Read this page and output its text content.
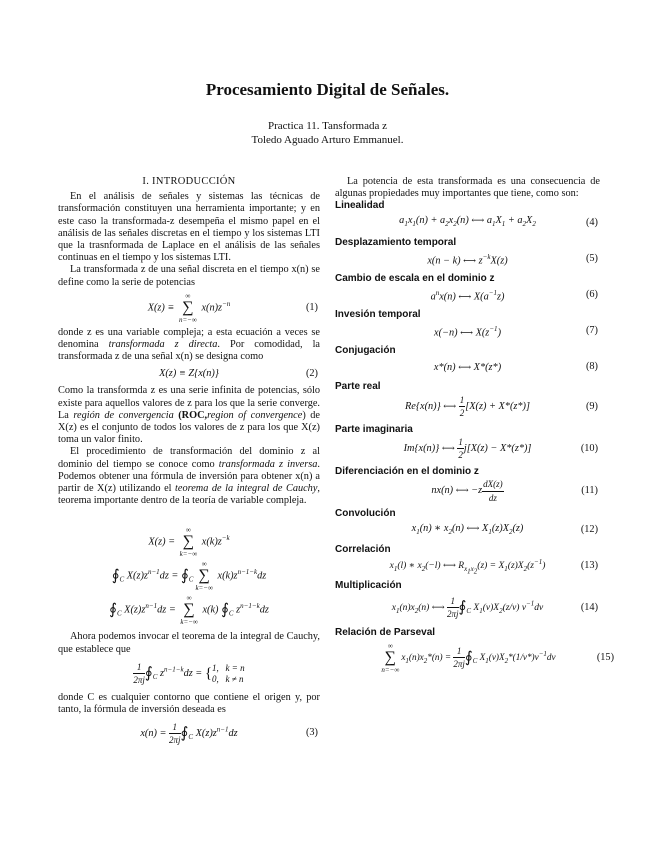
Procesamiento Digital de Señales.
Practica 11. Tansformada z
Toledo Aguado Arturo Emmanuel.
I. INTRODUCCIÓN

En el análisis de señales y sistemas las técnicas de transformación constituyen una herramienta importante; y en este caso la transformada-z desempeña el mismo papel en el análisis de las señales discretas en el tiempo y los sistemas LTI que la trasnformada de Laplace en el análisis de las señales continuas en el tiempo y los sistemas LTI.

La transformada z de una señal discreta en el tiempo x(n) se define como la serie de potencias

X(z) ≡
∞
∑
n=−∞
$x(n)z^{-n}$	(1)

donde z es una variable compleja; a esta ecuación a veces se denomina transformada z directa. Por comodidad, la transformada z de una señal x(n) se designa como

X(z) ≡ Z{x(n)}	(2)

Como la transformda z es una serie infinita de potencias, sólo existe para aquellos valores de z para los que la serie converge. La región de convergencia (ROC,region of convergence) de X(z) es el conjunto de todos los valores de z para los que X(z) toma un valor finito.

El procedimiento de transformación del dominio z al dominio del tiempo se conoce como transformada z inversa. Podemos obtener una fórmula de inversión para obtener x(n) a partir de X(z) utilizando el teorema de la integral de Cauchy, teorema importante dentro de la teoría de variable compleja.

X(z) =
∞
∑
k=−∞
$x(k)z^{-k}$
$∮_C$ $X(z)z^{n-1}dz$ = $∮_C$
∞
∑
k=−∞
$x(k)z^{n-1-k}dz$
$∮_C$ $X(z)z^{n-1}dz$ =
∞
∑
k=−∞
x(k) $∮_C$ $z^{n-1-k}dz$

Ahora podemos invocar el teorema de la integral de Cauchy, que establece que

$\frac{1}{2\pi j}$ $∮_C$ $z^{n-1-k}dz$ = { 1,   k = n
0,   k ≠ n

donde C es cualquier contorno que contiene el origen y, por tanto, la fórmula de inversión deseada es

$x(n) = \frac{1}{2\pi j}$ $∮_C$ $X(z)z^{n-1}dz$	(3)

La potencia de esta transformada es una consecuencia de algunas propiedades muy importantes que tiene, como son:

Linealidad
$a_1x_1(n) + a_2x_2(n)$ ⟷ $a_1X_1 + a_2X_2$	(4)
Desplazamiento temporal
x(n − k) ⟷ $z^{-k}X(z)$	(5)
Cambio de escala en el dominio z
$a^nx(n)$ ⟷ $X(a^{-1}z)$	(6)
Invesión temporal
x(−n) ⟷ $X(z^{-1})$	(7)
Conjugación
x*(n) ⟷ X*(z*)	(8)
Parte real
Re{x(n)} ⟷ $\frac{1}{2} [X(z) + X*(z*)]$	(9)
Parte imaginaria
Im{x(n)} ⟷ $\frac{1}{2} j[X(z) - X*(z*)]$	(10)
Diferenciación en el dominio z
nx(n) ⟷ $-z \frac{dX(z)}{dz}$	(11)
Convolución
$x_1(n)$ ∗ $x_2(n)$ ⟷ $X_1(z)X_2(z)$	(12)
Correlación
$x_1(l)$ ∗ $x_2(-l)$ ⟷ $R_{x_1x_2}(z) = X_1(z)X_2(z^{-1})$	(13)
Multiplicación
$x_1(n)x_2(n)$ ⟷ $\frac{1}{2\pi j}$ $∮_C$ $X_1(v)X_2(z/v)$ $v^{-1}dv$	(14)
Relación de Parseval
∞
∑
n=−∞
$x_1(n)x_2*(n) = \frac{1}{2\pi j}$ $∮_C$ $X_1(v)X_2*(1/v*)v^{-1}dv$	(15)
